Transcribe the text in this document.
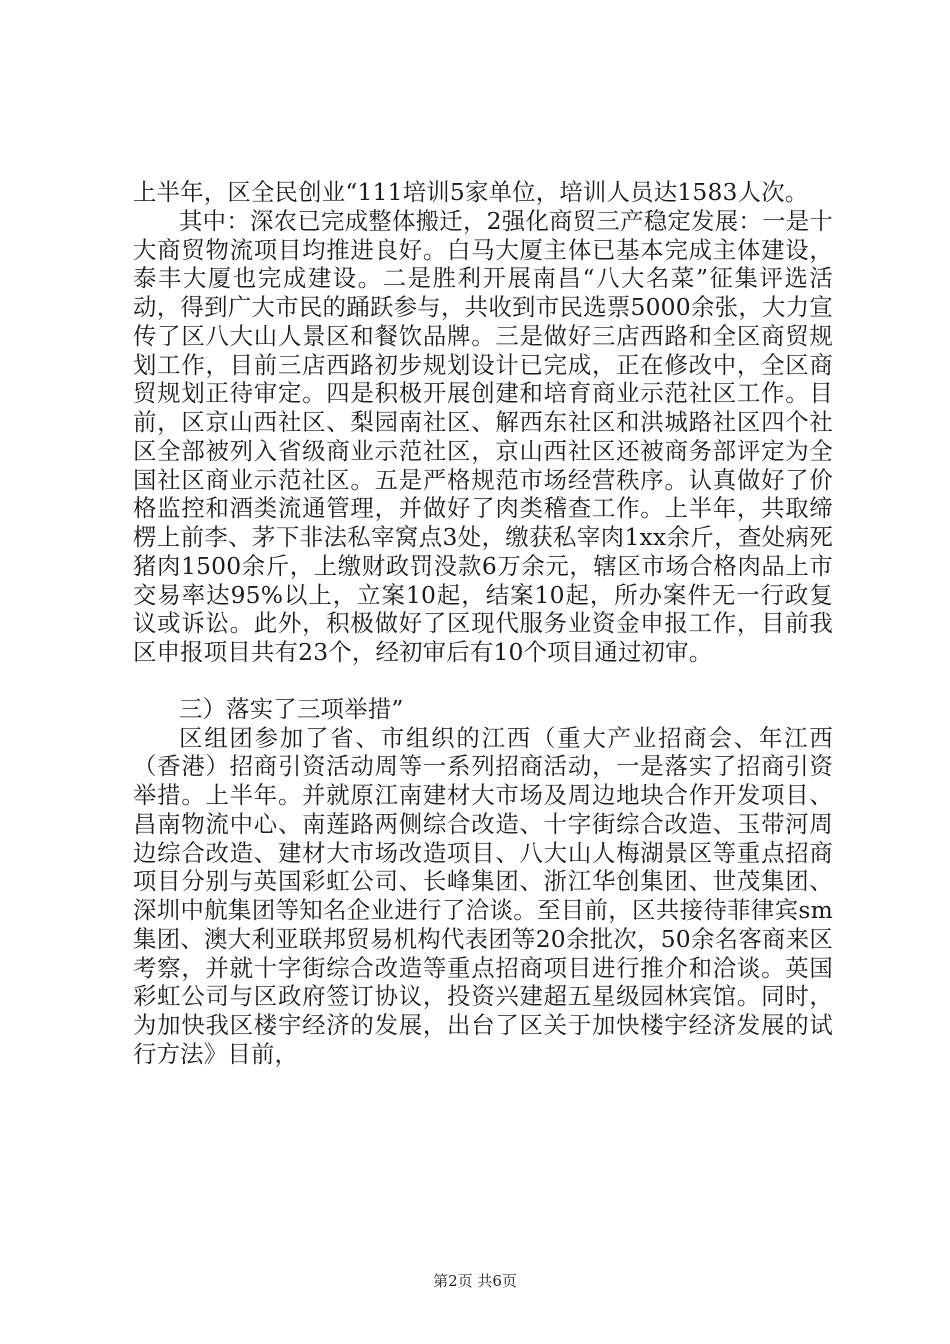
上半年，区全民创业“111培训5家单位，培训人员达1583人次。

其中：深农已完成整体搬迁，2强化商贸三产稳定发展：一是十大商贸物流项目均推进良好。白马大厦主体已基本完成主体建设，泰丰大厦也完成建设。二是胜利开展南昌“八大名菜”征集评选活动，得到广大市民的踊跃参与，共收到市民选票5000余张，大力宣传了区八大山人景区和餐饮品牌。三是做好三店西路和全区商贸规划工作，目前三店西路初步规划设计已完成，正在修改中，全区商贸规划正待审定。四是积极开展创建和培育商业示范社区工作。目前，区京山西社区、梨园南社区、解西东社区和洪城路社区四个社区全部被列入省级商业示范社区，京山西社区还被商务部评定为全国社区商业示范社区。五是严格规范市场经营秩序。认真做好了价格监控和酒类流通管理，并做好了肉类稽查工作。上半年，共取缔楞上前李、茅下非法私宰窝点3处，缴获私宰肉1xx余斤，查处病死猪肉1500余斤，上缴财政罚没款6万余元，辖区市场合格肉品上市交易率达95%以上，立案10起，结案10起，所办案件无一行政复议或诉讼。此外，积极做好了区现代服务业资金申报工作，目前我区申报项目共有23个，经初审后有10个项目通过初审。

三）落实了三项举措”

区组团参加了省、市组织的江西（重大产业招商会、年江西（香港）招商引资活动周等一系列招商活动，一是落实了招商引资举措。上半年。并就原江南建材大市场及周边地块合作开发项目、昌南物流中心、南莲路两侧综合改造、十字街综合改造、玉带河周边综合改造、建材大市场改造项目、八大山人梅湖景区等重点招商项目分别与英国彩虹公司、长峰集团、浙江华创集团、世茂集团、深圳中航集团等知名企业进行了洽谈。至目前，区共接待菲律宾sm集团、澳大利亚联邦贸易机构代表团等20余批次，50余名客商来区考察，并就十字街综合改造等重点招商项目进行推介和洽谈。英国彩虹公司与区政府签订协议，投资兴建超五星级园林宾馆。同时，为加快我区楼宇经济的发展，出台了区关于加快楼宇经济发展的试行方法》目前，

第2页 共6页
